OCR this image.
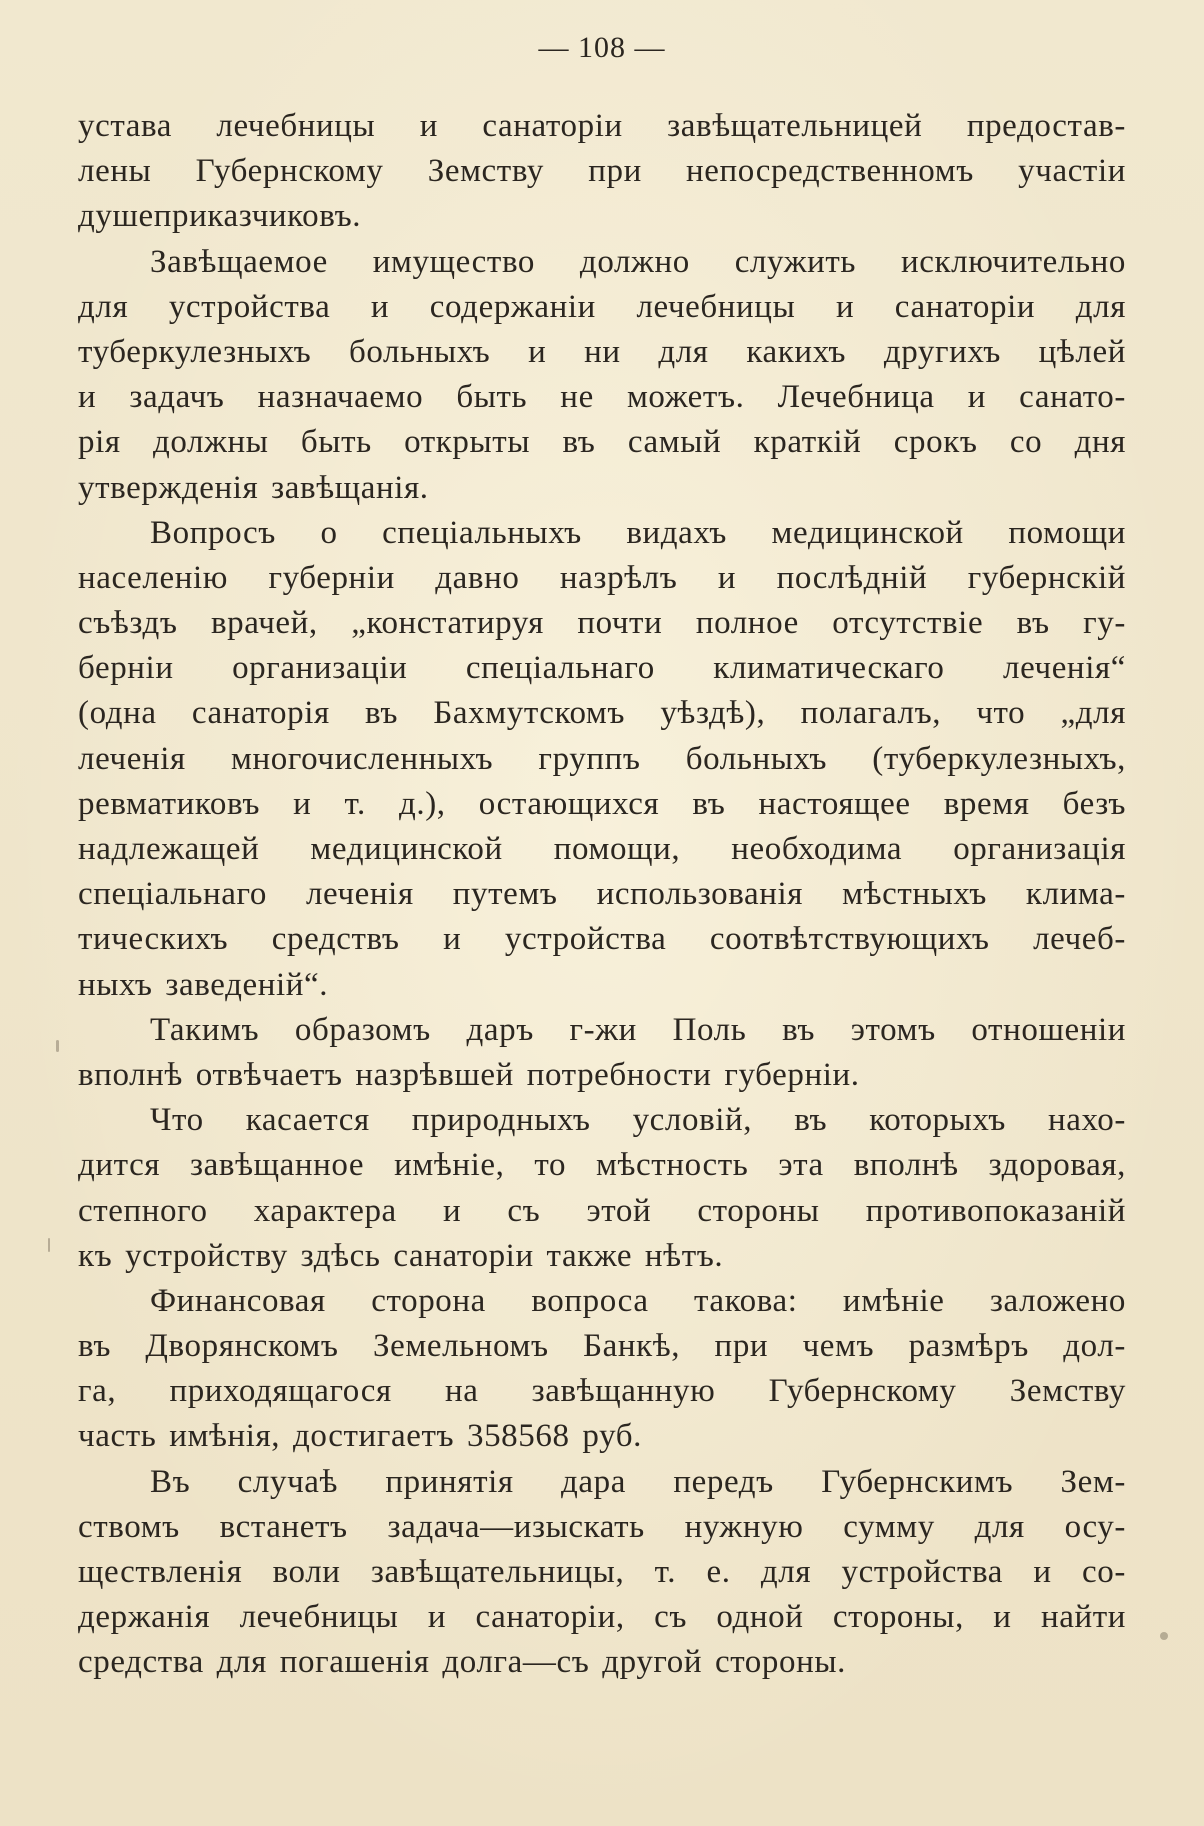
— 108 —

устава лечебницы и санаторіи завѣщательницей предостав-
лены Губернскому Земству при непосредственномъ участіи
душеприказчиковъ.

Завѣщаемое имущество должно служить исключительно
для устройства и содержаніи лечебницы и санаторіи для
туберкулезныхъ больныхъ и ни для какихъ другихъ цѣлей
и задачъ назначаемо быть не можетъ. Лечебница и санато-
рія должны быть открыты въ самый краткій срокъ со дня
утвержденія завѣщанія.

Вопросъ о спеціальныхъ видахъ медицинской помощи
населенію губерніи давно назрѣлъ и послѣдній губернскій
съѣздъ врачей, „констатируя почти полное отсутствіе въ гу-
берніи организаціи спеціальнаго климатическаго леченія“
(одна санаторія въ Бахмутскомъ уѣздѣ), полагалъ, что „для
леченія многочисленныхъ группъ больныхъ (туберкулезныхъ,
ревматиковъ и т. д.), остающихся въ настоящее время безъ
надлежащей медицинской помощи, необходима организація
спеціальнаго леченія путемъ использованія мѣстныхъ клима-
тическихъ средствъ и устройства соотвѣтствующихъ лечеб-
ныхъ заведеній“.

Такимъ образомъ даръ г-жи Поль въ этомъ отношеніи
вполнѣ отвѣчаетъ назрѣвшей потребности губерніи.

Что касается природныхъ условій, въ которыхъ нахо-
дится завѣщанное имѣніе, то мѣстность эта вполнѣ здоровая,
степного характера и съ этой стороны противопоказаній
къ устройству здѣсь санаторіи также нѣтъ.

Финансовая сторона вопроса такова: имѣніе заложено
въ Дворянскомъ Земельномъ Банкѣ, при чемъ размѣръ дол-
га, приходящагося на завѣщанную Губернскому Земству
часть имѣнія, достигаетъ 358568 руб.

Въ случаѣ принятія дара передъ Губернскимъ Зем-
ствомъ встанетъ задача—изыскать нужную сумму для осу-
ществленія воли завѣщательницы, т. е. для устройства и со-
держанія лечебницы и санаторіи, съ одной стороны, и найти
средства для погашенія долга—съ другой стороны.
